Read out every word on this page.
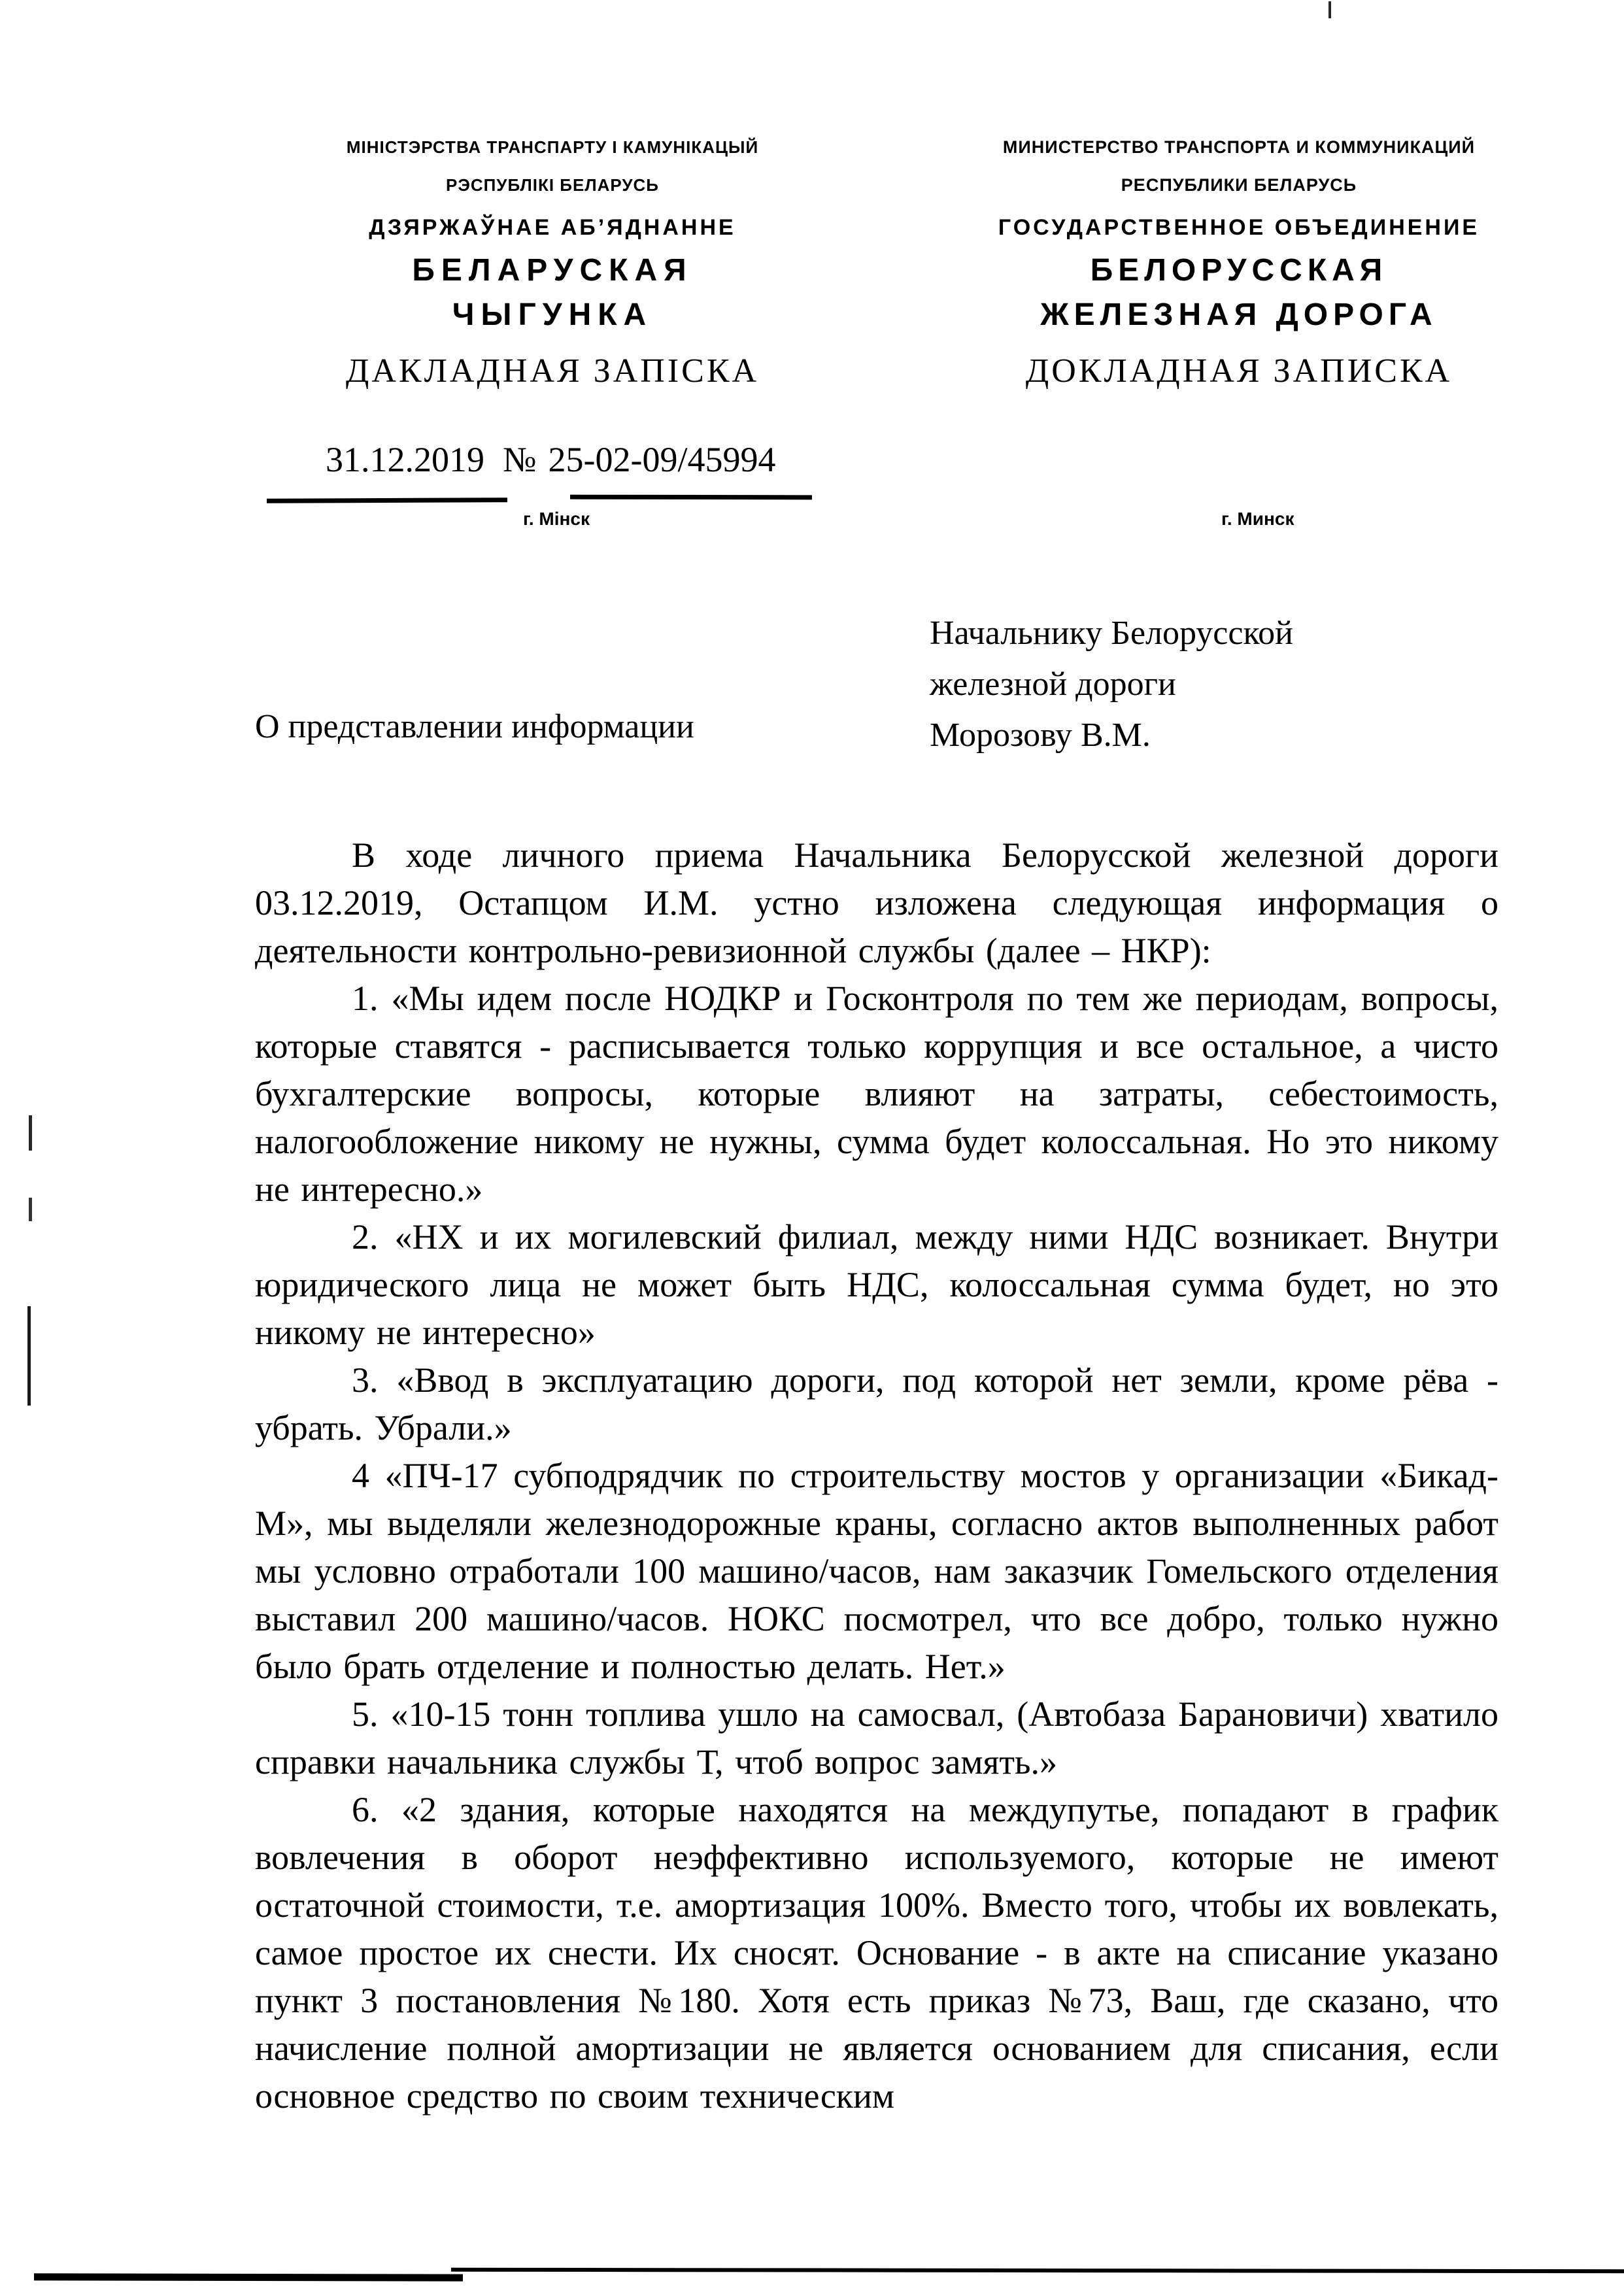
МІНІСТЭРСТВА ТРАНСПАРТУ І КАМУНІКАЦЫЙ
РЭСПУБЛІКІ БЕЛАРУСЬ
ДЗЯРЖАЎНАЕ АБ’ЯДНАННЕ
БЕЛАРУСКАЯ
ЧЫГУНКА
ДАКЛАДНАЯ ЗАПІСКА
МИНИСТЕРСТВО ТРАНСПОРТА И КОММУНИКАЦИЙ
РЕСПУБЛИКИ БЕЛАРУСЬ
ГОСУДАРСТВЕННОЕ ОБЪЕДИНЕНИЕ
БЕЛОРУССКАЯ
ЖЕЛЕЗНАЯ ДОРОГА
ДОКЛАДНАЯ ЗАПИСКА
31.12.2019 № 25-02-09/45994
г. Мінск	г. Минск
Начальнику Белорусской
железной дороги
Морозову В.М.
О представлении информации

В ходе личного приема Начальника Белорусской железной дороги 03.12.2019, Остапцом И.М. устно изложена следующая информация о деятельности контрольно-ревизионной службы (далее – НКР):

1. «Мы идем после НОДКР и Госконтроля по тем же периодам, вопросы, которые ставятся - расписывается только коррупция и все остальное, а чисто бухгалтерские вопросы, которые влияют на затраты, себестоимость, налогообложение никому не нужны, сумма будет колоссальная. Но это никому не интересно.»

2. «НХ и их могилевский филиал, между ними НДС возникает. Внутри юридического лица не может быть НДС, колоссальная сумма будет, но это никому не интересно»

3. «Ввод в эксплуатацию дороги, под которой нет земли, кроме рёва - убрать. Убрали.»

4 «ПЧ-17 субподрядчик по строительству мостов у организации «Бикад-М», мы выделяли железнодорожные краны, согласно актов выполненных работ мы условно отработали 100 машино/часов, нам заказчик Гомельского отделения выставил 200 машино/часов. НОКС посмотрел, что все добро, только нужно было брать отделение и полностью делать. Нет.»

5. «10-15 тонн топлива ушло на самосвал, (Автобаза Барановичи) хватило справки начальника службы Т, чтоб вопрос замять.»

6. «2 здания, которые находятся на междупутье, попадают в график вовлечения в оборот неэффективно используемого, которые не имеют остаточной стоимости, т.е. амортизация 100%. Вместо того, чтобы их вовлекать, самое простое их снести. Их сносят. Основание - в акте на списание указано пункт 3 постановления №180. Хотя есть приказ №73, Ваш, где сказано, что начисление полной амортизации не является основанием для списания, если основное средство по своим техническим
